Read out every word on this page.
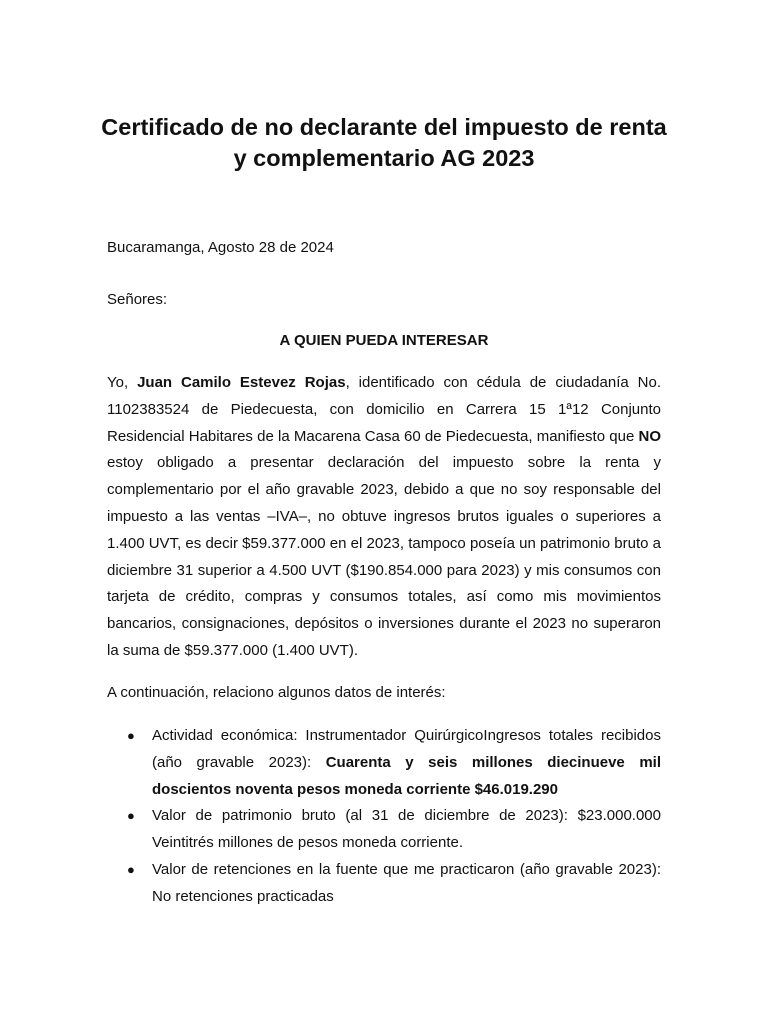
Certificado de no declarante del impuesto de renta y complementario AG 2023

Bucaramanga, Agosto 28 de 2024

Señores:

A QUIEN PUEDA INTERESAR

Yo, Juan Camilo Estevez Rojas, identificado con cédula de ciudadanía No. 1102383524 de Piedecuesta, con domicilio en Carrera 15 1ª12 Conjunto Residencial Habitares de la Macarena Casa 60 de Piedecuesta, manifiesto que NO estoy obligado a presentar declaración del impuesto sobre la renta y complementario por el año gravable 2023, debido a que no soy responsable del impuesto a las ventas –IVA–, no obtuve ingresos brutos iguales o superiores a 1.400 UVT, es decir $59.377.000 en el 2023, tampoco poseía un patrimonio bruto a diciembre 31 superior a 4.500 UVT ($190.854.000 para 2023) y mis consumos con tarjeta de crédito, compras y consumos totales, así como mis movimientos bancarios, consignaciones, depósitos o inversiones durante el 2023 no superaron la suma de $59.377.000 (1.400 UVT).

A continuación, relaciono algunos datos de interés:

● Actividad económica: Instrumentador QuirúrgicoIngresos totales recibidos (año gravable 2023): Cuarenta y seis millones diecinueve mil doscientos noventa pesos moneda corriente $46.019.290
● Valor de patrimonio bruto (al 31 de diciembre de 2023): $23.000.000 Veintitrés millones de pesos moneda corriente.
● Valor de retenciones en la fuente que me practicaron (año gravable 2023): No retenciones practicadas
